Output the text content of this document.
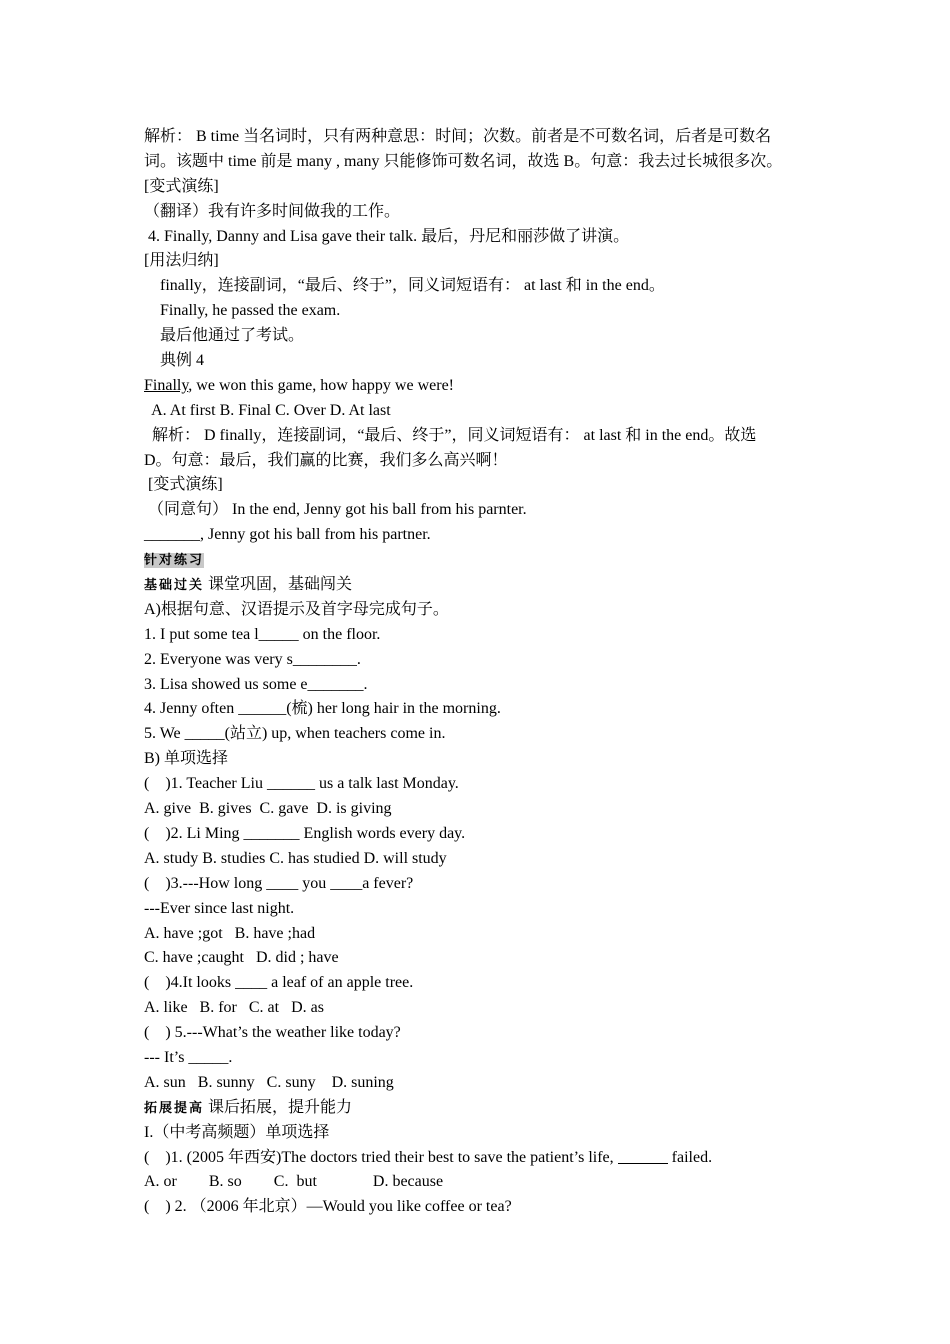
解析： B time 当名词时，只有两种意思：时间；次数。前者是不可数名词，后者是可数名
词。该题中 time 前是 many , many 只能修饰可数名词，故选 B。句意：我去过长城很多次。
[变式演练]
（翻译）我有许多时间做我的工作。
4. Finally, Danny and Lisa gave their talk. 最后，丹尼和丽莎做了讲演。
[用法归纳]
finally，连接副词，“最后、终于”，同义词短语有： at last 和 in the end。
Finally, he passed the exam.
最后他通过了考试。
典例 4
Finally, we won this game, how happy we were!
A. At first B. Final C. Over D. At last
解析： D finally，连接副词，“最后、终于”，同义词短语有： at last 和 in the end。故选
D。句意：最后，我们赢的比赛，我们多么高兴啊！
[变式演练]
（同意句） In the end, Jenny got his ball from his parnter.
_______, Jenny got his ball from his partner.
针对练习
基础过关 课堂巩固，基础闯关
A)根据句意、汉语提示及首字母完成句子。
1. I put some tea l_____ on the floor.
2. Everyone was very s________.
3. Lisa showed us some e_______.
4. Jenny often ______(梳) her long hair in the morning.
5. We _____(站立) up, when teachers come in.
B) 单项选择
(    )1. Teacher Liu ______ us a talk last Monday.
A. give  B. gives  C. gave  D. is giving
(    )2. Li Ming _______ English words every day.
A. study B. studies C. has studied D. will study
(    )3.---How long ____ you ____a fever?
---Ever since last night.
A. have ;got   B. have ;had
C. have ;caught   D. did ; have
(    )4.It looks ____ a leaf of an apple tree.
A. like   B. for   C. at   D. as
(    ) 5.---What’s the weather like today?
--- It’s _____.
A. sun   B. sunny   C. suny    D. suning
拓展提高 课后拓展，提升能力
I.（中考高频题）单项选择
(    )1. (2005 年西安)The doctors tried their best to save the patient’s life,	failed.
A. or        B. so        C.  but              D. because
(    ) 2. （2006 年北京）—Would you like coffee or tea?
